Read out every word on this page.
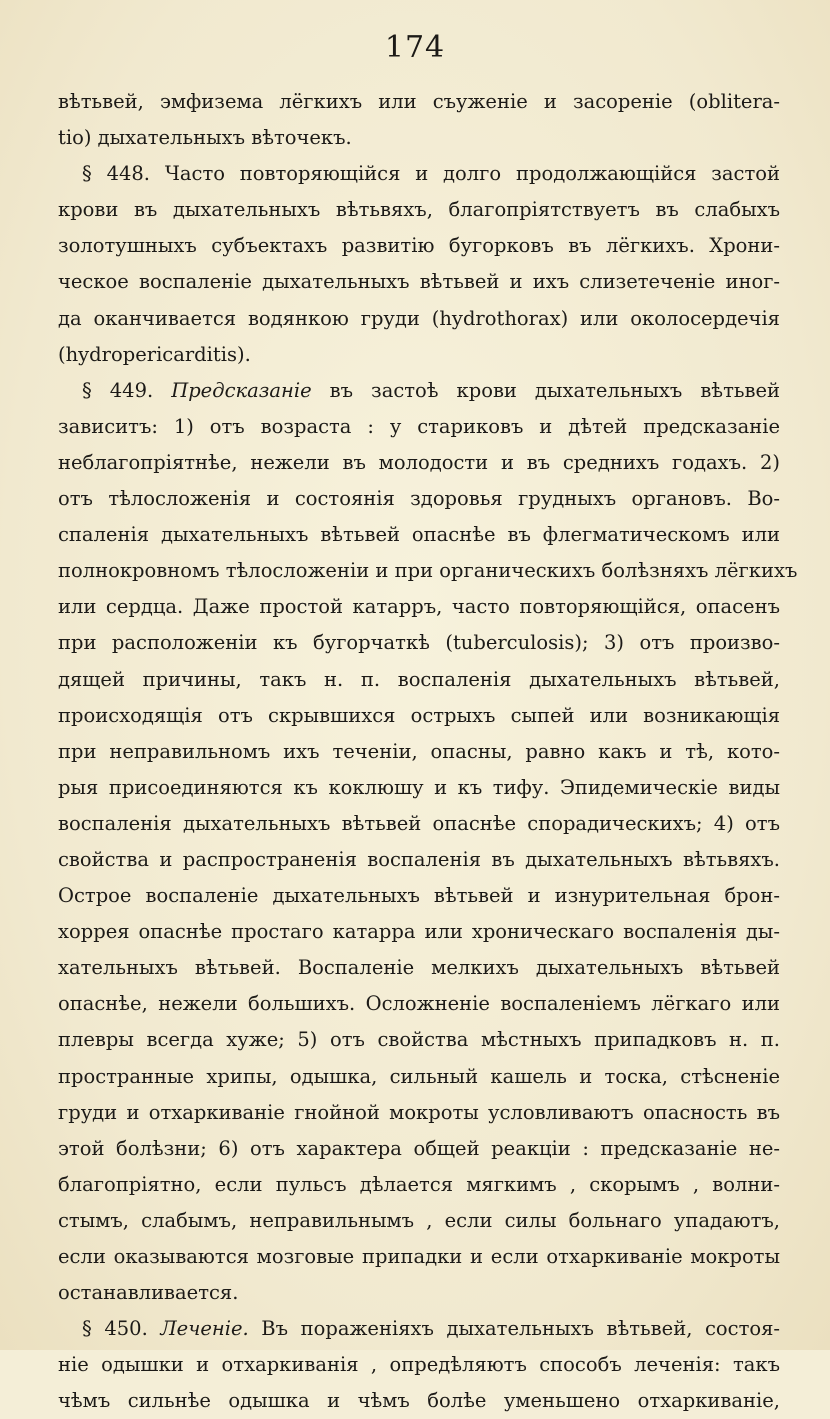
174
вѣтьвей, эмфизема лёгкихъ или съуженіе и засореніе (obliterа-
tio) дыхательныхъ вѣточекъ.
§ 448. Часто повторяющійся и долго продолжающійся застой
крови въ дыхательныхъ вѣтьвяхъ, благопріятствуетъ въ слабыхъ
золотушныхъ субъектахъ развитію бугорковъ въ лёгкихъ. Хрони-
ческое воспаленіе дыхательныхъ вѣтьвей и ихъ слизетеченіе иног-
да оканчивается водянкою груди (hydrothorax) или околосердечія
(hydropericarditis).
§ 449. Предсказаніе въ застоѣ крови дыхательныхъ вѣтьвей
зависитъ: 1) отъ возраста : у стариковъ и дѣтей предсказаніе
неблагопріятнѣе, нежели въ молодости и въ среднихъ годахъ. 2)
отъ тѣлосложенія и состоянія здоровья грудныхъ органовъ. Во-
спаленія дыхательныхъ вѣтьвей опаснѣе въ флегматическомъ или
полнокровномъ тѣлосложеніи и при органическихъ болѣзняхъ лёгкихъ
или сердца. Даже простой катарръ, часто повторяющійся, опасенъ
при расположеніи къ бугорчаткѣ (tuberculosis); 3) отъ произво-
дящей причины, такъ н. п. воспаленія дыхательныхъ вѣтьвей,
происходящія отъ скрывшихся острыхъ сыпей или возникающія
при неправильномъ ихъ теченіи, опасны, равно какъ и тѣ, кото-
рыя присоединяются къ коклюшу и къ тифу. Эпидемическіе виды
воспаленія дыхательныхъ вѣтьвей опаснѣе спорадическихъ; 4) отъ
свойства и распространенія воспаленія въ дыхательныхъ вѣтьвяхъ.
Острое воспаленіе дыхательныхъ вѣтьвей и изнурительная брон-
хоррея опаснѣе простаго катарра или хроническаго воспаленія ды-
хательныхъ вѣтьвей. Воспаленіе мелкихъ дыхательныхъ вѣтьвей
опаснѣе, нежели большихъ. Осложненіе воспаленіемъ лёгкаго или
плевры всегда хуже; 5) отъ свойства мѣстныхъ припадковъ н. п.
пространные хрипы, одышка, сильный кашель и тоска, стѣсненіе
груди и отхаркиваніе гнойной мокроты условливаютъ опасность въ
этой болѣзни; 6) отъ характера общей реакціи : предсказаніе не-
благопріятно, если пульсъ дѣлается мягкимъ , скорымъ , волни-
стымъ, слабымъ, неправильнымъ , если силы больнаго упадаютъ,
если оказываются мозговые припадки и если отхаркиваніе мокроты
останавливается.
§ 450. Леченіе. Въ пораженіяхъ дыхательныхъ вѣтьвей, состоя-
ніе одышки и отхаркиванія , опредѣляютъ способъ леченія: такъ
чѣмъ сильнѣе одышка и чѣмъ болѣе уменьшено отхаркиваніе,
